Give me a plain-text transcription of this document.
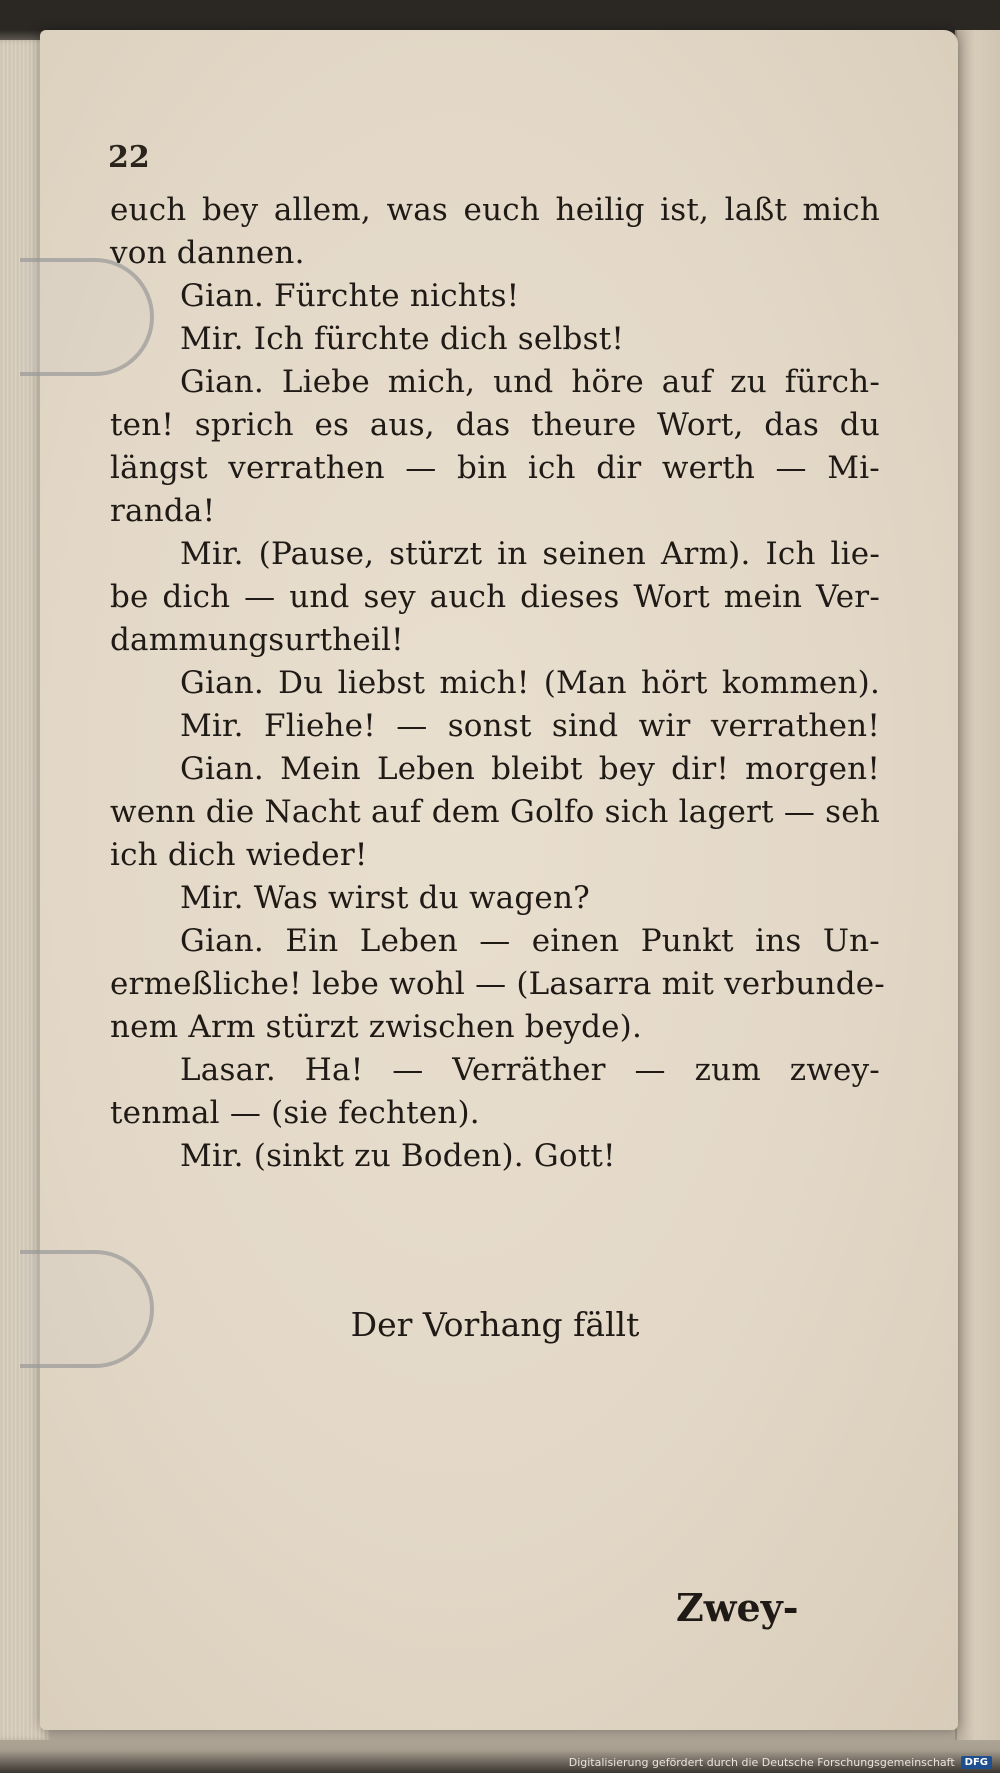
22
euch bey allem, was euch heilig ist, laßt mich
von dannen.
Gian. Fürchte nichts!
Mir. Ich fürchte dich selbst!
Gian. Liebe mich, und höre auf zu fürch-
ten! sprich es aus, das theure Wort, das du
längst verrathen — bin ich dir werth — Mi-
randa!
Mir. (Pause, stürzt in seinen Arm). Ich lie-
be dich — und sey auch dieses Wort mein Ver-
dammungsurtheil!
Gian. Du liebst mich! (Man hört kommen).
Mir. Fliehe! — sonst sind wir verrathen!
Gian. Mein Leben bleibt bey dir! morgen!
wenn die Nacht auf dem Golfo sich lagert — seh
ich dich wieder!
Mir. Was wirst du wagen?
Gian. Ein Leben — einen Punkt ins Un-
ermeßliche! lebe wohl — (Lasarra mit verbunde-
nem Arm stürzt zwischen beyde).
Lasar. Ha! — Verräther — zum zwey-
tenmal — (sie fechten).
Mir. (sinkt zu Boden). Gott!
Der Vorhang fällt
Zwey-
Digitalisierung gefördert durch die Deutsche Forschungsgemeinschaft	DFG
